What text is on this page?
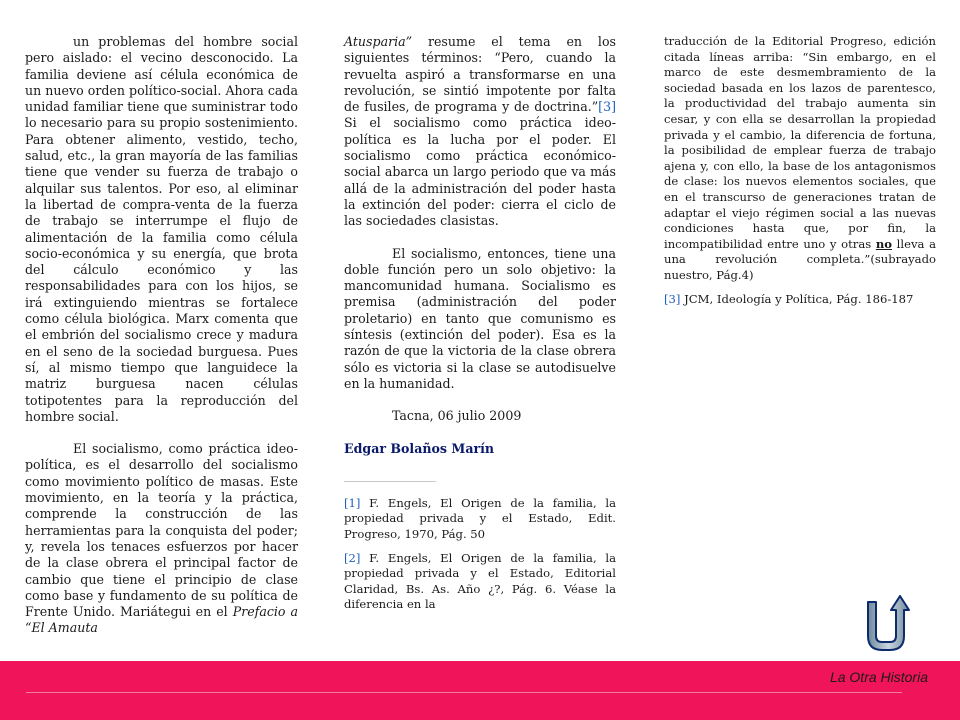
un problemas del hombre social pero aislado: el vecino desconocido. La familia deviene así célula económica de un nuevo orden político-social. Ahora cada unidad familiar tiene que suministrar todo lo necesario para su propio sostenimiento. Para obtener alimento, vestido, techo, salud, etc., la gran mayoría de las familias tiene que vender su fuerza de trabajo o alquilar sus talentos. Por eso, al eliminar la libertad de compra-venta de la fuerza de trabajo se interrumpe el flujo de alimentación de la familia como célula socio-económica y su energía, que brota del cálculo económico y las responsabilidades para con los hijos, se irá extinguiendo mientras se fortalece como célula biológica. Marx comenta que el embrión del socialismo crece y madura en el seno de la sociedad burguesa. Pues sí, al mismo tiempo que languidece la matriz burguesa nacen células totipotentes para la reproducción del hombre social.

El socialismo, como práctica ideo-política, es el desarrollo del socialismo como movimiento político de masas. Este movimiento, en la teoría y la práctica, comprende la construcción de las herramientas para la conquista del poder; y, revela los tenaces esfuerzos por hacer de la clase obrera el principal factor de cambio que tiene el principio de clase como base y fundamento de su política de Frente Unido. Mariátegui en el Prefacio a “El Amauta

Atusparia” resume el tema en los siguientes términos: “Pero, cuando la revuelta aspiró a transformarse en una revolución, se sintió impotente por falta de fusiles, de programa y de doctrina.”[3] Si el socialismo como práctica ideo-política es la lucha por el poder. El socialismo como práctica económico-social abarca un largo periodo que va más allá de la administración del poder hasta la extinción del poder: cierra el ciclo de las sociedades clasistas.

El socialismo, entonces, tiene una doble función pero un solo objetivo: la mancomunidad humana. Socialismo es premisa (administración del poder proletario) en tanto que comunismo es síntesis (extinción del poder). Esa es la razón de que la victoria de la clase obrera sólo es victoria si la clase se autodisuelve en la humanidad.

Tacna, 06 julio 2009

Edgar Bolaños Marín

[1] F. Engels, El Origen de la familia, la propiedad privada y el Estado, Edit. Progreso, 1970, Pág. 50

[2] F. Engels, El Origen de la familia, la propiedad privada y el Estado, Editorial Claridad, Bs. As. Año ¿?, Pág. 6. Véase la diferencia en la

traducción de la Editorial Progreso, edición citada líneas arriba: “Sin embargo, en el marco de este desmembramiento de la sociedad basada en los lazos de parentesco, la productividad del trabajo aumenta sin cesar, y con ella se desarrollan la propiedad privada y el cambio, la diferencia de fortuna, la posibilidad de emplear fuerza de trabajo ajena y, con ello, la base de los antagonismos de clase: los nuevos elementos sociales, que en el transcurso de generaciones tratan de adaptar el viejo régimen social a las nuevas condiciones hasta que, por fin, la incompatibilidad entre uno y otras no lleva a una revolución completa.”(subrayado nuestro, Pág.4)

[3] JCM, Ideología y Política, Pág. 186-187

La Otra Historia
